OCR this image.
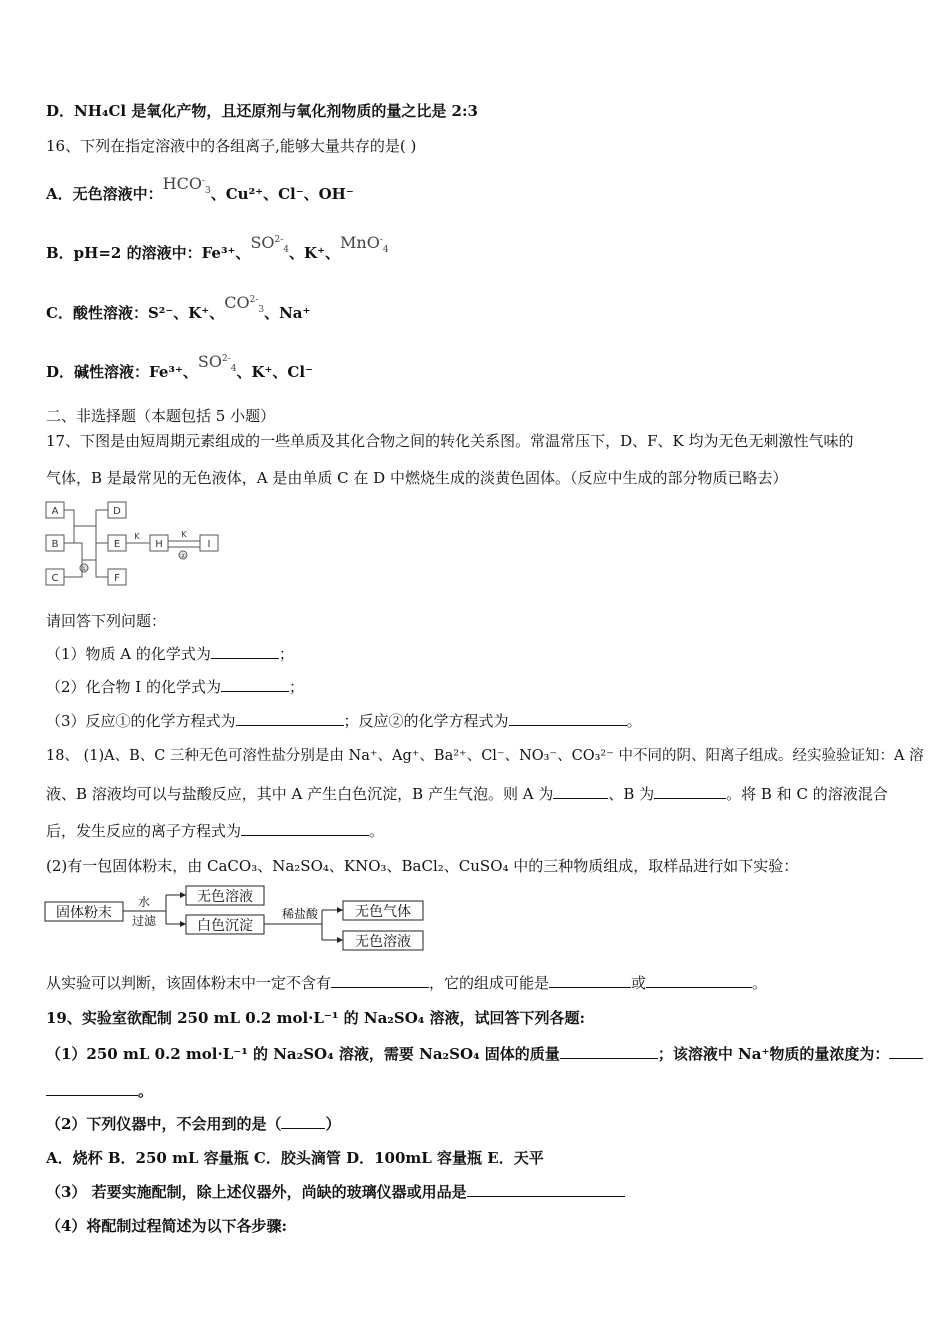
D．NH₄Cl 是氧化产物，且还原剂与氧化剂物质的量之比是 2:3
16、下列在指定溶液中的各组离子,能够大量共存的是( )
A．无色溶液中：$HCO^-_3$、Cu²⁺、Cl⁻、OH⁻
B．pH=2 的溶液中：Fe³⁺、$SO^{2-}_4$、K⁺、MnO-$_4$
C．酸性溶液：S²⁻、K⁺、$CO^{2-}_3$、Na⁺
D．碱性溶液：Fe³⁺、$SO^{2-}_4$、K⁺、Cl⁻
二、非选择题（本题包括 5 小题）
17、下图是由短周期元素组成的一些单质及其化合物之间的转化关系图。常温常压下，D、F、K 均为无色无刺激性气味的
气体，B 是最常见的无色液体，A 是由单质 C 在 D 中燃烧生成的淡黄色固体。（反应中生成的部分物质已略去）
A
B
C
D
E
F
H	I
K	K
①
②
请回答下列问题：
（1）物质 A 的化学式为	；
（2）化合物 I 的化学式为	；
（3）反应①的化学方程式为	；反应②的化学方程式为	。
18、 (1)A、B、C 三种无色可溶性盐分别是由 Na⁺、Ag⁺、Ba²⁺、Cl⁻、NO₃⁻、CO₃²⁻ 中不同的阴、阳离子组成。经实验验证知：A 溶
液、B 溶液均可以与盐酸反应，其中 A 产生白色沉淀，B 产生气泡。则 A 为	、B 为	。将 B 和 C 的溶液混合
后，发生反应的离子方程式为	。
(2)有一包固体粉末，由 CaCO₃、Na₂SO₄、KNO₃、BaCl₂、CuSO₄ 中的三种物质组成，取样品进行如下实验：
固体粉末
无色溶液
白色沉淀
无色气体
无色溶液
水
过滤	稀盐酸
从实验可以判断，该固体粉末中一定不含有	，它的组成可能是	或	。
19、实验室欲配制 250 mL 0.2 mol·L⁻¹ 的 Na₂SO₄ 溶液，试回答下列各题:
（1）250 mL 0.2 mol·L⁻¹ 的 Na₂SO₄ 溶液，需要 Na₂SO₄ 固体的质量	；该溶液中 Na⁺物质的量浓度为：
。
（2）下列仪器中，不会用到的是（	）
A．烧杯 B．250 mL 容量瓶 C．胶头滴管 D．100mL 容量瓶 E．天平
（3） 若要实施配制，除上述仪器外，尚缺的玻璃仪器或用品是
（4）将配制过程简述为以下各步骤:
